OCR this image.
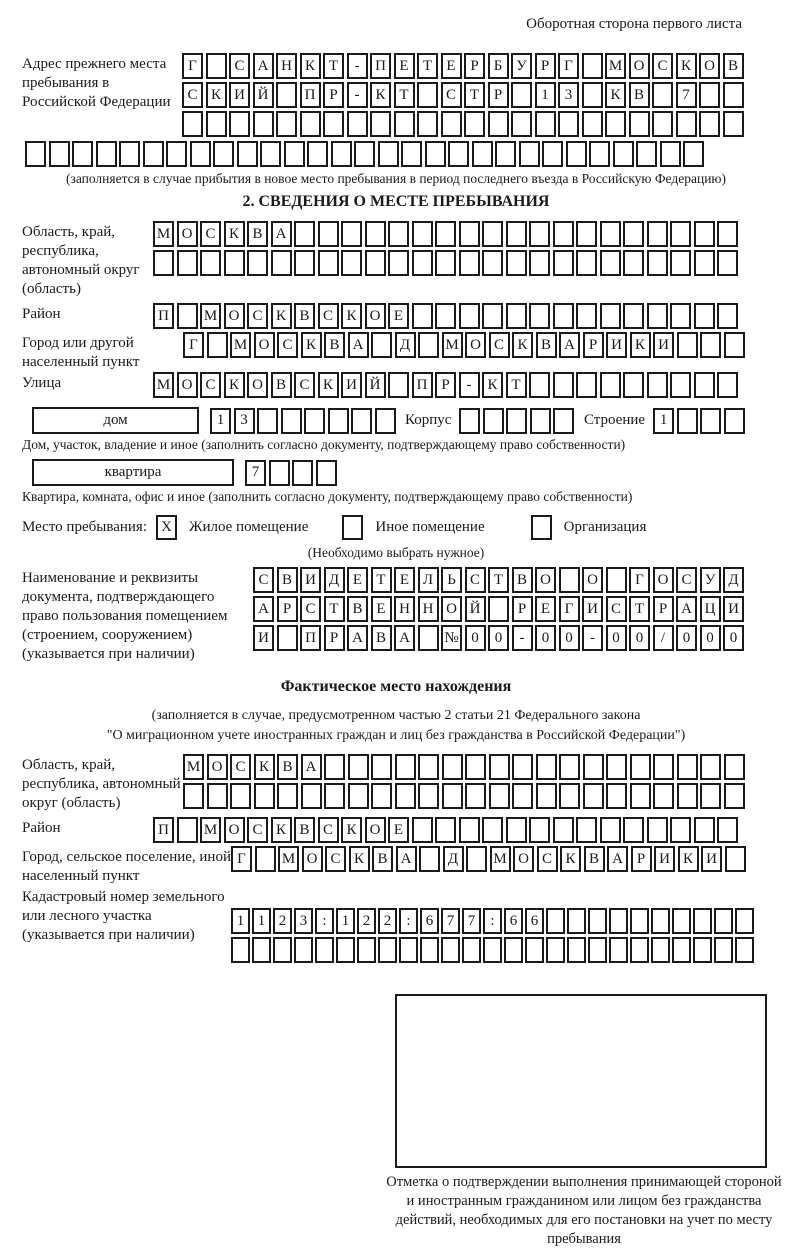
Оборотная сторона первого листа
Адрес прежнего места пребывания в Российской Федерации
Г	С А Н К Т - П Е Т Е Р Б У Р Г М О С К О В
С К И Й П Р - К Т С Т Р	1 3	К В	7
(заполняется в случае прибытия в новое место пребывания в период последнего въезда в Российскую Федерацию)
2. СВЕДЕНИЯ О МЕСТЕ ПРЕБЫВАНИЯ
Область, край, республика, автономный округ (область)
М О С К В А
Район	П М О С К В С К О Е
Город или другой населенный пункт
Г М О С К В А Д М О С К В А Р И К И
Улица	М О С К О В С К И Й П Р - К Т
дом	1 3	Корпус	Строение 1
Дом, участок, владение и иное (заполнить согласно документу, подтверждающему право собственности)
квартира	7
Квартира, комната, офис и иное (заполнить согласно документу, подтверждающему право собственности)
Место пребывания: X Жилое помещение	Иное помещение	Организация
(Необходимо выбрать нужное)
Наименование и реквизиты документа, подтверждающего право пользования помещением (строением, сооружением) (указывается при наличии)
С В И Д Е Т Е Л Ь С Т В О О Г О С У Д
А Р С Т В Е Н Н О Й Р Е Г И С Т Р А Ц И
И П Р А В А № 0 0 - 0 0 - 0 0 / 0 0 0
Фактическое место нахождения
(заполняется в случае, предусмотренном частью 2 статьи 21 Федерального закона
"О миграционном учете иностранных граждан и лиц без гражданства в Российской Федерации")
Область, край, республика, автономный округ (область)
М О С К В А
Район	П М О С К В С К О Е
Город, сельское поселение, иной населенный пункт
Г М О С К В А Д М О С К В А Р И К И
Кадастровый номер земельного или лесного участка (указывается при наличии)
1 1 2 3 : 1 2 2 : 6 7 7 : 6 6
Отметка о подтверждении выполнения принимающей стороной и иностранным гражданином или лицом без гражданства действий, необходимых для его постановки на учет по месту пребывания
